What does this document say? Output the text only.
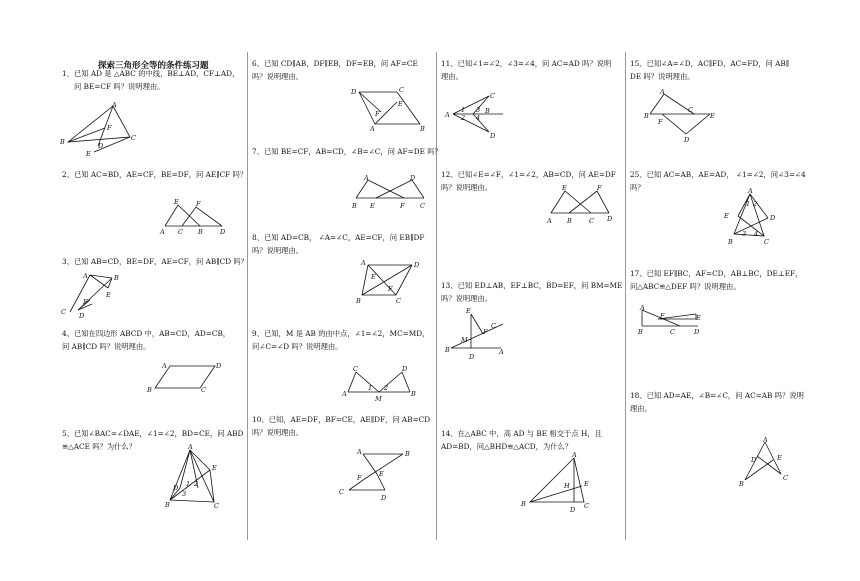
探索三角形全等的条件练习题

1、已知 AD 是 △ABC 的中线，BE⊥AD，CF⊥AD，

问 BE=CF 吗？说明理由。

A
B	C
D
E
F

2、已知 AC=BD，AE=CF，BE=DF，问 AE∥CF 吗？

A	B
C	D
E	F

3、已知 AB=CD，BE=DF，AE=CF，问 AB∥CD 吗？

A	B
C D
E
F

4、已知在四边形 ABCD 中，AB=CD，AD=CB，

问 AB∥CD 吗？说明理由。

A
B	C
D

5、已知∠BAC=∠DAE，∠1=∠2，BD=CE，问 ABD

≌△ACE 吗？为什么？	A
B	C
D
E
1 2
3

6、已知 CD∥AB，DF∥EB，DF=EB，问 AF=CE

吗？说明理由。

D	C
A	B
E
F

7、已知 BE=CF，AB=CD，∠B=∠C，问 AF=DE 吗？

A
B	C
D
E	F

8、已知 AD=CB， ∠A=∠C，AE=CF，问 EB∥DF

吗？说明理由。

A
B	C
D
E
F

9、已知，M 是 AB 的由中点，∠1=∠2，MC=MD，

问∠C=∠D 吗？说明理由。

C	D
A	B
M
1 2

10、已知，AE=DF，BF=CE，AE∥DF，问 AB=CD

吗？说明理由。

A	B
C
D
E
F

11、已知∠1=∠2，∠3=∠4，问 AC=AD 吗？说明

理由。

A	B
C
D
1
2
3
4

12、已知∠E=∠F，∠1=∠2，AB=CD，问 AE=DF

吗？说明理由。	E	F
A B	C D

13、已知 ED⊥AB，EF⊥BC，BD=EF，问 BM=ME

吗？说明理由。

E
B	A
D
C
F
M

14、在△ABC 中，高 AD 与 BE 相交于点 H，且

AD=BD，问△BHD≌△ACD，为什么？

A
B	C
D
E
H

15、已知∠A=∠D，AC∥FD，AC=FD，问 AB∥

DE 吗？说明理由。

A
B
C
D
E
F

25、已知 AC=AB，AE=AD， ∠1=∠2，问∠3=∠4

吗？	A
B	C
D
E
1 2
3 4

17、已知 EF∥BC，AF=CD，AB⊥BC，DE⊥EF，

问△ABC≌△DEF 吗？说明理由。

A
B	C	D
E
F

18、已知 AD=AE，∠B=∠C，问 AC=AB 吗？说明

理由。

A
B
C
D	E
